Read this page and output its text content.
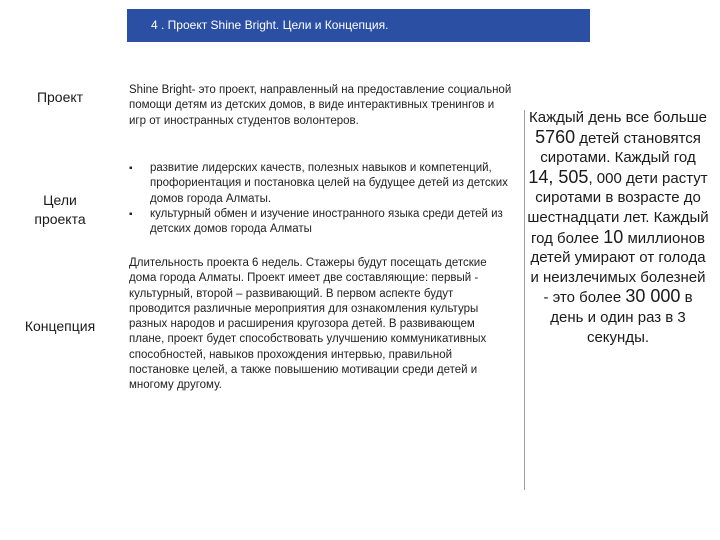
4 . Проект Shine Bright. Цели и Концепция.
Проект
Цели
проекта
Концепция
Shine Bright- это проект, направленный на предоставление социальной помощи детям из детских домов, в виде интерактивных тренингов и игр от иностранных студентов волонтеров.
▪ развитие лидерских качеств, полезных навыков и компетенций, профориентация и постановка целей на будущее детей из детских домов города Алматы.
▪ культурный обмен и изучение иностранного языка среди детей из детских домов города Алматы
Длительность проекта 6 недель. Стажеры будут посещать детские дома города Алматы. Проект имеет две составляющие: первый - культурный, второй – развивающий. В первом аспекте будут проводится различные мероприятия для ознакомления культуры разных народов и расширения кругозора детей. В развивающем плане, проект будет способствовать улучшению коммуникативных способностей, навыков прохождения интервью, правильной постановке целей, а также повышению мотивации среди детей и многому другому.
Каждый день все больше 5760 детей становятся сиротами. Каждый год 14, 505, 000 дети растут сиротами в возрасте до шестнадцати лет. Каждый год более 10 миллионов детей умирают от голода и неизлечимых болезней - это более 30 000 в день и один раз в 3 секунды.
